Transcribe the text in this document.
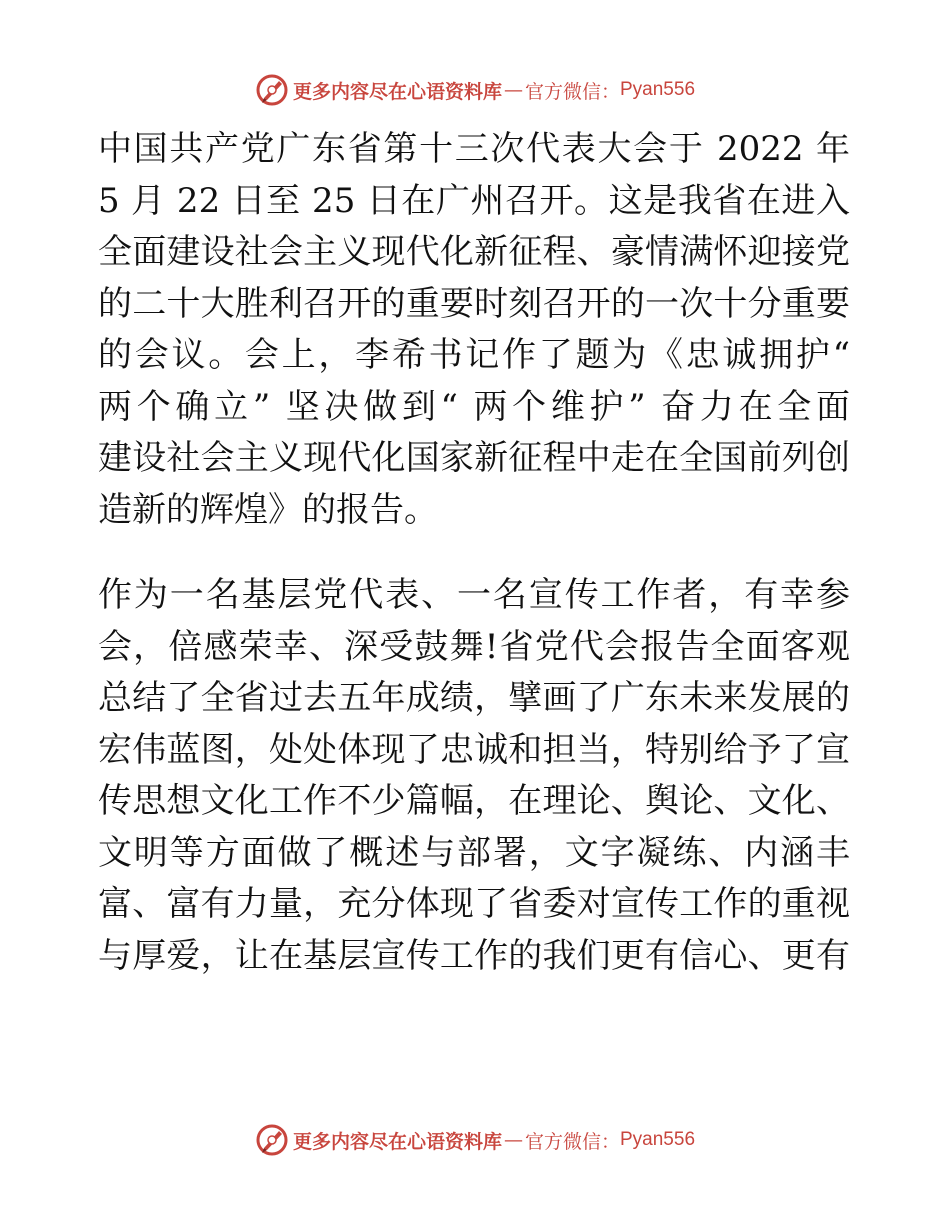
更多内容尽在心语资料库 — 官方微信： Pyan556
中国共产党广东省第十三次代表大会于 2022 年
5 月 22 日至 25 日在广州召开。这是我省在进入
全面建设社会主义现代化新征程、豪情满怀迎接党
的二十大胜利召开的重要时刻召开的一次十分重要
的会议。会上，李希书记作了题为《忠诚拥护“
两个确立” 坚决做到“ 两个维护” 奋力在全面
建设社会主义现代化国家新征程中走在全国前列创
造新的辉煌》的报告。
作为一名基层党代表、一名宣传工作者，有幸参
会，倍感荣幸、深受鼓舞!省党代会报告全面客观
总结了全省过去五年成绩，擘画了广东未来发展的
宏伟蓝图，处处体现了忠诚和担当，特别给予了宣
传思想文化工作不少篇幅，在理论、舆论、文化、
文明等方面做了概述与部署，文字凝练、内涵丰
富、富有力量，充分体现了省委对宣传工作的重视
与厚爱，让在基层宣传工作的我们更有信心、更有
更多内容尽在心语资料库 — 官方微信： Pyan556
